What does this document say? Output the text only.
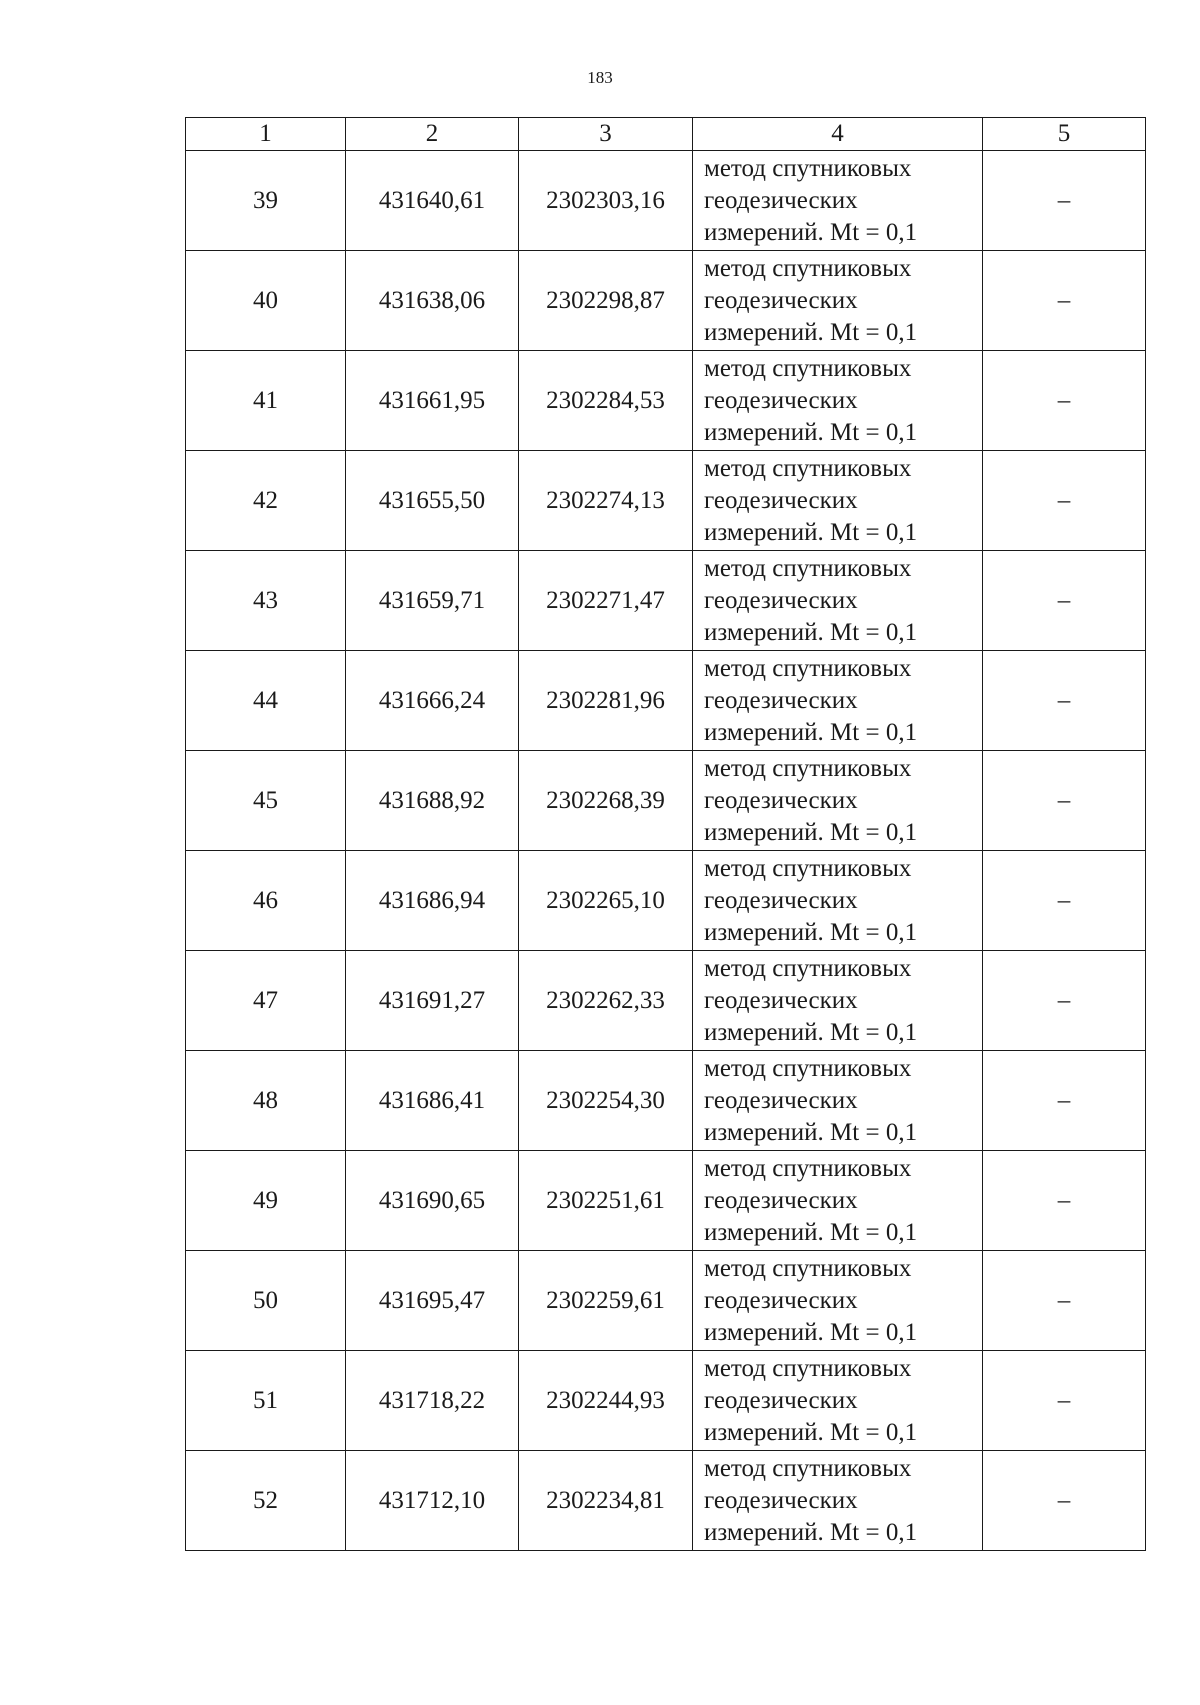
183
1	2	3	4	5
39	431640,61	2302303,16	метод спутниковых
геодезических
измерений. Mt = 0,1	–
40	431638,06	2302298,87	метод спутниковых
геодезических
измерений. Mt = 0,1	–
41	431661,95	2302284,53	метод спутниковых
геодезических
измерений. Mt = 0,1	–
42	431655,50	2302274,13	метод спутниковых
геодезических
измерений. Mt = 0,1	–
43	431659,71	2302271,47	метод спутниковых
геодезических
измерений. Mt = 0,1	–
44	431666,24	2302281,96	метод спутниковых
геодезических
измерений. Mt = 0,1	–
45	431688,92	2302268,39	метод спутниковых
геодезических
измерений. Mt = 0,1	–
46	431686,94	2302265,10	метод спутниковых
геодезических
измерений. Mt = 0,1	–
47	431691,27	2302262,33	метод спутниковых
геодезических
измерений. Mt = 0,1	–
48	431686,41	2302254,30	метод спутниковых
геодезических
измерений. Mt = 0,1	–
49	431690,65	2302251,61	метод спутниковых
геодезических
измерений. Mt = 0,1	–
50	431695,47	2302259,61	метод спутниковых
геодезических
измерений. Mt = 0,1	–
51	431718,22	2302244,93	метод спутниковых
геодезических
измерений. Mt = 0,1	–
52	431712,10	2302234,81	метод спутниковых
геодезических
измерений. Mt = 0,1	–
